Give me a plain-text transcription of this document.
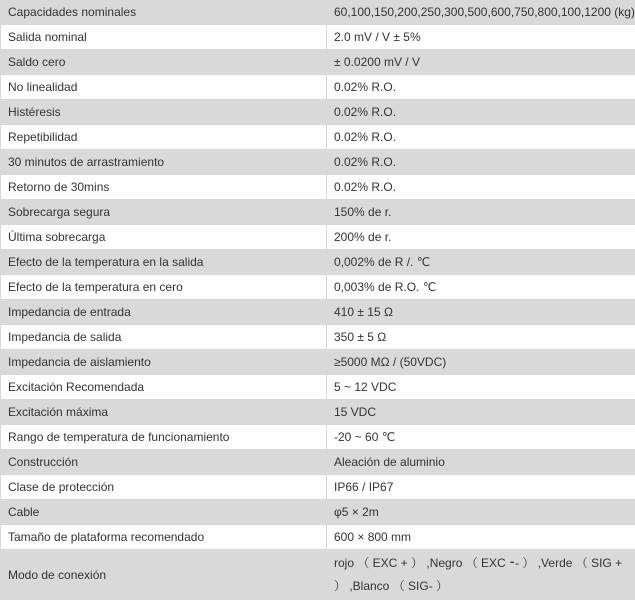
Capacidades nominales	60,100,150,200,250,300,500,600,750,800,100,1200 (kg)
Salida nominal	2.0 mV / V ± 5%
Saldo cero	± 0.0200 mV / V
No linealidad	0.02% R.O.
Histéresis	0.02% R.O.
Repetibilidad	0.02% R.O.
30 minutos de arrastramiento	0.02% R.O.
Retorno de 30mins	0.02% R.O.
Sobrecarga segura	150% de r.
Última sobrecarga	200% de r.
Efecto de la temperatura en la salida	0,002% de R /. ℃
Efecto de la temperatura en cero	0,003% de R.O. ℃
Impedancia de entrada	410 ± 15 Ω
Impedancia de salida	350 ± 5 Ω
Impedancia de aislamiento	≥5000 MΩ / (50VDC)
Excitación Recomendada	5 ~ 12 VDC
Excitación máxima	15 VDC
Rango de temperatura de funcionamiento	-20 ~ 60 ℃
Construcción	Aleación de aluminio
Clase de protección	IP66 / IP67
Cable	φ5 × 2m
Tamaño de plataforma recomendado	600 × 800 mm
Modo de conexión	rojo （ EXC + ） ,Negro （ EXC ⁃- ） ,Verde （ SIG + ） ,Blanco （ SIG- ）
